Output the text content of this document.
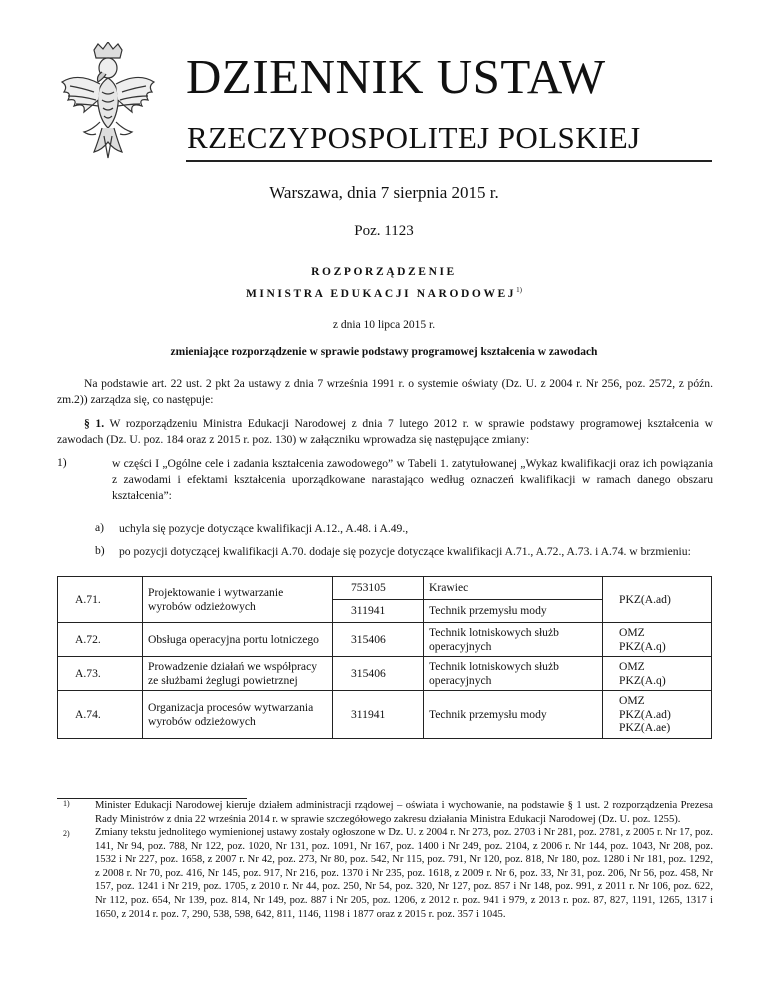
DZIENNIK USTAW
RZECZYPOSPOLITEJ POLSKIEJ
Warszawa, dnia 7 sierpnia 2015 r.
Poz. 1123
ROZPORZĄDZENIE
MINISTRA EDUKACJI NARODOWEJ$^{1)}$
z dnia 10 lipca 2015 r.
zmieniające rozporządzenie w sprawie podstawy programowej kształcenia w zawodach
Na podstawie art. 22 ust. 2 pkt 2a ustawy z dnia 7 września 1991 r. o systemie oświaty (Dz. U. z 2004 r. Nr 256, poz. 2572, z późn. zm.2)) zarządza się, co następuje:
§ 1. W rozporządzeniu Ministra Edukacji Narodowej z dnia 7 lutego 2012 r. w sprawie podstawy programowej kształcenia w zawodach (Dz. U. poz. 184 oraz z 2015 r. poz. 130) w załączniku wprowadza się następujące zmiany:
1)	w części I „Ogólne cele i zadania kształcenia zawodowego” w Tabeli 1. zatytułowanej „Wykaz kwalifikacji oraz ich powiązania z zawodami i efektami kształcenia uporządkowane narastająco według oznaczeń kwalifikacji w ramach danego obszaru kształcenia”:
a) uchyla się pozycje dotyczące kwalifikacji A.12., A.48. i A.49.,
b) po pozycji dotyczącej kwalifikacji A.70. dodaje się pozycje dotyczące kwalifikacji A.71., A.72., A.73. i A.74. w brzmieniu:
A.71.	Projektowanie i wytwarzanie wyrobów odzieżowych	753105	Krawiec	PKZ(A.ad)
		311941	Technik przemysłu mody	
A.72.	Obsługa operacyjna portu lotniczego	315406	Technik lotniskowych służb operacyjnych	OMZ
PKZ(A.q)

A.73.	Prowadzenie działań we współpracy ze służbami żeglugi powietrznej	315406	Technik lotniskowych służb operacyjnych	OMZ
PKZ(A.q)

A.74.	Organizacja procesów wytwarzania wyrobów odzieżowych	311941	Technik przemysłu mody	OMZ
PKZ(A.ad)
PKZ(A.ae)
1) Minister Edukacji Narodowej kieruje działem administracji rządowej – oświata i wychowanie, na podstawie § 1 ust. 2 rozporządzenia Prezesa Rady Ministrów z dnia 22 września 2014 r. w sprawie szczegółowego zakresu działania Ministra Edukacji Narodowej (Dz. U. poz. 1255).
2) Zmiany tekstu jednolitego wymienionej ustawy zostały ogłoszone w Dz. U. z 2004 r. Nr 273, poz. 2703 i Nr 281, poz. 2781, z 2005 r. Nr 17, poz. 141, Nr 94, poz. 788, Nr 122, poz. 1020, Nr 131, poz. 1091, Nr 167, poz. 1400 i Nr 249, poz. 2104, z 2006 r. Nr 144, poz. 1043, Nr 208, poz. 1532 i Nr 227, poz. 1658, z 2007 r. Nr 42, poz. 273, Nr 80, poz. 542, Nr 115, poz. 791, Nr 120, poz. 818, Nr 180, poz. 1280 i Nr 181, poz. 1292, z 2008 r. Nr 70, poz. 416, Nr 145, poz. 917, Nr 216, poz. 1370 i Nr 235, poz. 1618, z 2009 r. Nr 6, poz. 33, Nr 31, poz. 206, Nr 56, poz. 458, Nr 157, poz. 1241 i Nr 219, poz. 1705, z 2010 r. Nr 44, poz. 250, Nr 54, poz. 320, Nr 127, poz. 857 i Nr 148, poz. 991, z 2011 r. Nr 106, poz. 622, Nr 112, poz. 654, Nr 139, poz. 814, Nr 149, poz. 887 i Nr 205, poz. 1206, z 2012 r. poz. 941 i 979, z 2013 r. poz. 87, 827, 1191, 1265, 1317 i 1650, z 2014 r. poz. 7, 290, 538, 598, 642, 811, 1146, 1198 i 1877 oraz z 2015 r. poz. 357 i 1045.
